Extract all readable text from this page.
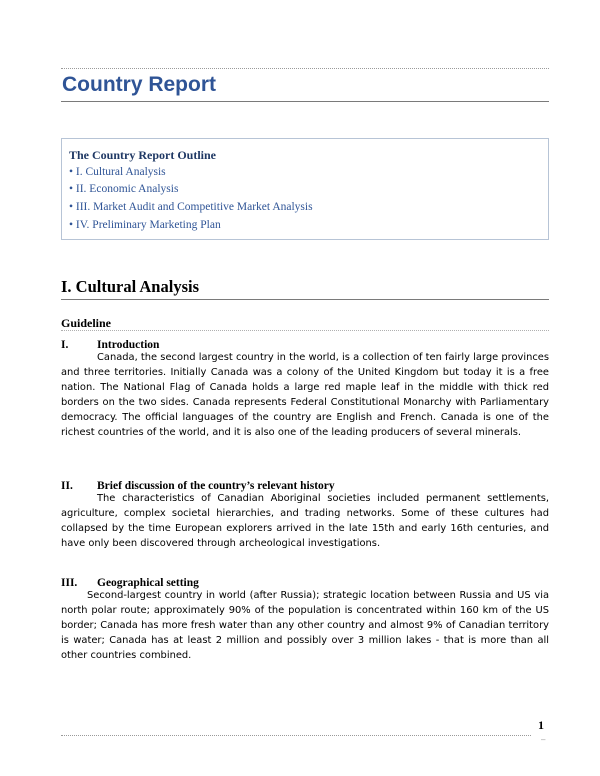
Country Report
The Country Report Outline
• I. Cultural Analysis
• II. Economic Analysis
• III. Market Audit and Competitive Market Analysis
• IV. Preliminary Marketing Plan
I. Cultural Analysis
Guideline
I. Introduction
Canada, the second largest country in the world, is a collection of ten fairly large provinces and three territories. Initially Canada was a colony of the United Kingdom but today it is a free nation. The National Flag of Canada holds a large red maple leaf in the middle with thick red borders on the two sides. Canada represents Federal Constitutional Monarchy with Parliamentary democracy. The official languages of the country are English and French. Canada is one of the richest countries of the world, and it is also one of the leading producers of several minerals.
II. Brief discussion of the country’s relevant history
The characteristics of Canadian Aboriginal societies included permanent settlements, agriculture, complex societal hierarchies, and trading networks. Some of these cultures had collapsed by the time European explorers arrived in the late 15th and early 16th centuries, and have only been discovered through archeological investigations.
III. Geographical setting
Second-largest country in world (after Russia); strategic location between Russia and US via north polar route; approximately 90% of the population is concentrated within 160 km of the US border; Canada has more fresh water than any other country and almost 9% of Canadian territory is water; Canada has at least 2 million and possibly over 3 million lakes - that is more than all other countries combined.
1
–
